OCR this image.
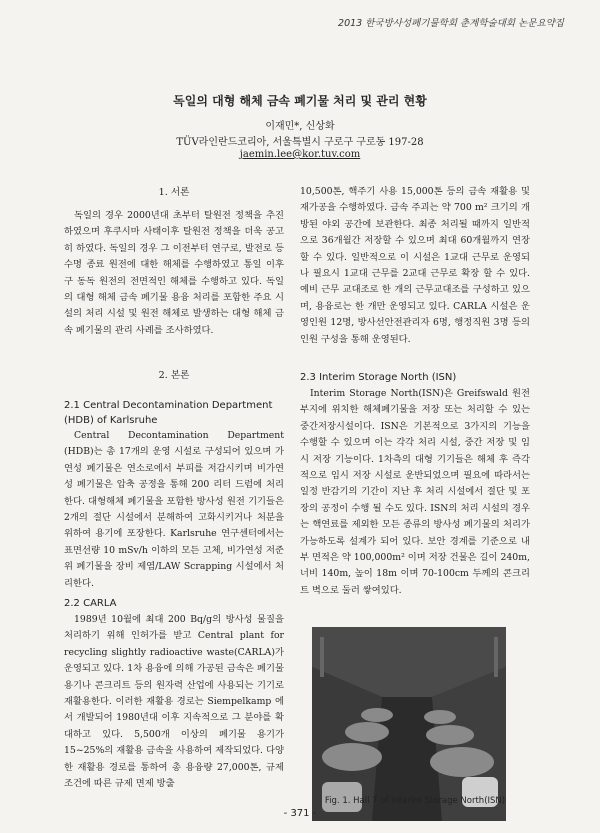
2013 한국방사성폐기물학회 춘계학술대회 논문요약집
독일의 대형 해체 금속 폐기물 처리 및 관리 현황
이재민*, 신상화
TÜV라인란드코리아, 서울특별시 구로구 구로동 197-28
jaemin.lee@kor.tuv.com
1. 서론

독일의 경우 2000년대 초부터 탈원전 정책을 추진하였으며 후쿠시마 사태이후 탈원전 정책을 더욱 공고히 하였다. 독일의 경우 그 이전부터 연구로, 발전로 등 수명 종료 원전에 대한 해체를 수행하였고 통일 이후 구 동독 원전의 전면적인 해체를 수행하고 있다. 독일의 대형 해체 금속 폐기물 용융 처리를 포함한 주요 시설의 처리 시설 및 원전 해체로 발생하는 대형 해체 금속 폐기물의 관리 사례를 조사하였다.

2. 본론
2.1 Central Decontamination Department (HDB) of Karlsruhe

Central Decontamination Department (HDB)는 총 17개의 운영 시설로 구성되어 있으며 가연성 폐기물은 연소로에서 부피를 저감시키며 비가연성 폐기물은 압축 공정을 통해 200 리터 드럼에 처리한다. 대형해체 폐기물을 포함한 방사성 원전 기기들은 2개의 절단 시설에서 분해하여 고화시키거나 처분을 위하여 용기에 포장한다. Karlsruhe 연구센터에서는 표면선량 10 mSv/h 이하의 모든 고체, 비가연성 저준위 폐기물을 장비 제염/LAW Scrapping 시설에서 처리한다.

2.2 CARLA

1989년 10월에 최대 200 Bq/g의 방사성 물질을 처리하기 위해 인허가를 받고 Central plant for recycling slightly radioactive waste(CARLA)가 운영되고 있다. 1차 용융에 의해 가공된 금속은 폐기물 용기나 콘크리트 등의 원자력 산업에 사용되는 기기로 재활용한다. 이러한 재활용 경로는 Siempelkamp 에서 개발되어 1980년대 이후 지속적으로 그 분야를 확대하고 있다. 5,500개 이상의 폐기물 용기가 15~25%의 재활용 금속을 사용하여 제작되었다. 다양한 재활용 경로를 통하여 총 용융량 27,000톤, 규제 조건에 따른 규제 면제 방출

10,500톤, 핵주기 사용 15,000톤 등의 금속 재활용 및 재가공을 수행하였다. 금속 주괴는 약 700 m² 크기의 개방된 야외 공간에 보관한다. 최종 처리될 때까지 일반적으로 36개월간 저장할 수 있으며 최대 60개월까지 연장할 수 있다. 일반적으로 이 시설은 1교대 근무로 운영되나 필요시 1교대 근무를 2교대 근무로 확장 할 수 있다. 예비 근무 교대조로 한 개의 근무교대조를 구성하고 있으며, 용융로는 한 개만 운영되고 있다. CARLA 시설은 운영인원 12명, 방사선안전관리자 6명, 행정직원 3명 등의 인원 구성을 통해 운영된다.

2.3 Interim Storage North (ISN)

Interim Storage North(ISN)은 Greifswald 원전 부지에 위치한 해체폐기물을 저장 또는 처리할 수 있는 중간저장시설이다. ISN은 기본적으로 3가지의 기능을 수행할 수 있으며 이는 각각 처리 시설, 중간 저장 및 임시 저장 기능이다. 1차측의 대형 기기들은 해체 후 즉각적으로 임시 저장 시설로 운반되었으며 필요에 따라서는 일정 반감기의 기간이 지난 후 처리 시설에서 절단 및 포장의 공정이 수행 될 수도 있다. ISN의 처리 시설의 경우는 핵연료를 제외한 모든 종류의 방사성 폐기물의 처리가 가능하도록 설계가 되어 있다. 보안 경계를 기준으로 내부 면적은 약 100,000m² 이며 저장 건물은 길이 240m, 너비 140m, 높이 18m 이며 70-100cm 두께의 콘크리트 벽으로 둘러 쌓여있다.

Fig. 1. Hall 7 of Interim Storage North(ISN)
- 371 -
